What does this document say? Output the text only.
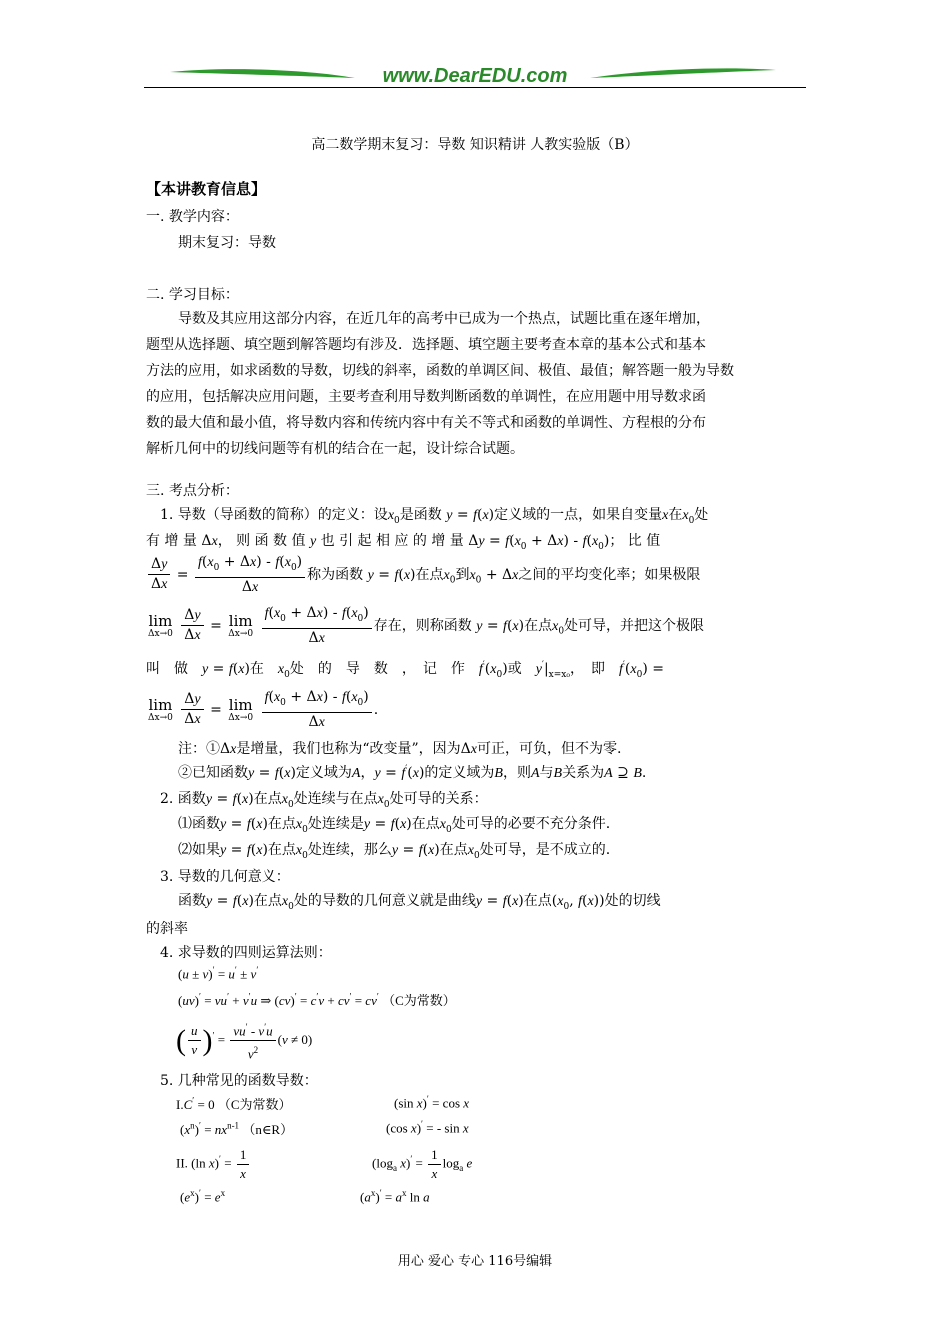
www.DearEDU.com
高二数学期末复习：导数 知识精讲 人教实验版（B）
【本讲教育信息】
一. 教学内容：
期末复习：导数
二. 学习目标：
导数及其应用这部分内容，在近几年的高考中已成为一个热点，试题比重在逐年增加，
题型从选择题、填空题到解答题均有涉及．选择题、填空题主要考查本章的基本公式和基本
方法的应用，如求函数的导数，切线的斜率，函数的单调区间、极值、最值；解答题一般为导数
的应用，包括解决应用问题，主要考查利用导数判断函数的单调性，在应用题中用导数求函
数的最大值和最小值，将导数内容和传统内容中有关不等式和函数的单调性、方程根的分布
解析几何中的切线问题等有机的结合在一起，设计综合试题。
三. 考点分析：
1. 导数（导函数的简称）的定义：设$x_0$是函数 y = f(x)定义域的一点，如果自变量x在$x_0$处
有 增 量 Δx， 则 函 数 值 y 也 引 起 相 应 的 增 量 $\Delta y = f(x_0 + \Delta x) - f(x_0)$； 比 值
$\frac{\Delta y}{\Delta x} = \frac{f(x_0 + \Delta x) - f(x_0)}{\Delta x}$ 称为函数 y = f(x)在点$x_0$到$x_0 + \Delta x$之间的平均变化率；如果极限
lim
Δx→0
$\frac{\Delta y}{\Delta x} = \lim$
Δx→0
$\frac{f(x_0 + \Delta x) - f(x_0)}{\Delta x}$ 存在，则称函数 y = f(x)在点$x_0$处可导，并把这个极限
叫　做　 y = f(x)在　 $x_0$处　的　导　数　，　记　作　 $f'(x_0)$或　 $y'|_{x=x_0}$，　即　 $f'(x_0)$ =
lim
Δx→0
$\frac{\Delta y}{\Delta x} = \lim$
Δx→0
$\frac{f(x_0 + \Delta x) - f(x_0)}{\Delta x}$ .
注：①Δx是增量，我们也称为“改变量”，因为Δx可正，可负，但不为零.
②已知函数y = f(x)定义域为A，y = f′(x)的定义域为B，则A与B关系为A ⊇ B.
2. 函数y = f(x)在点$x_0$处连续与在点$x_0$处可导的关系：
⑴函数y = f(x)在点$x_0$处连续是y = f(x)在点$x_0$处可导的必要不充分条件.
⑵如果y = f(x)在点$x_0$处连续，那么y = f(x)在点$x_0$处可导，是不成立的.
3. 导数的几何意义：
函数y = f(x)在点$x_0$处的导数的几何意义就是曲线y = f(x)在点($x_0$, f(x))处的切线
的斜率
4. 求导数的四则运算法则：
(u ± v)′ = u′ ± v′
(uv)′ = vu′ + v′u ⇒ (cv)′ = c′v + cv′ = cv′ （C为常数）
( $\frac{u}{v} )' = \frac{vu' - v'u}{v^2} (v \ne 0)$
5. 几种常见的函数导数：
I.C′ = 0 （C为常数）	(sin x)′ = cos x
$(x^n)' = nx^{n-1}$ （n∈R）	(cos x)′ = - sin x
II. (ln $x)' = \frac{1}{x}$	($\log_a$ $x)' = \frac{1}{x} \log_a e$
$(e^x)' = e^x$	$(a^x)' = a^x$ ln a
用心 爱心 专心 116号编辑
